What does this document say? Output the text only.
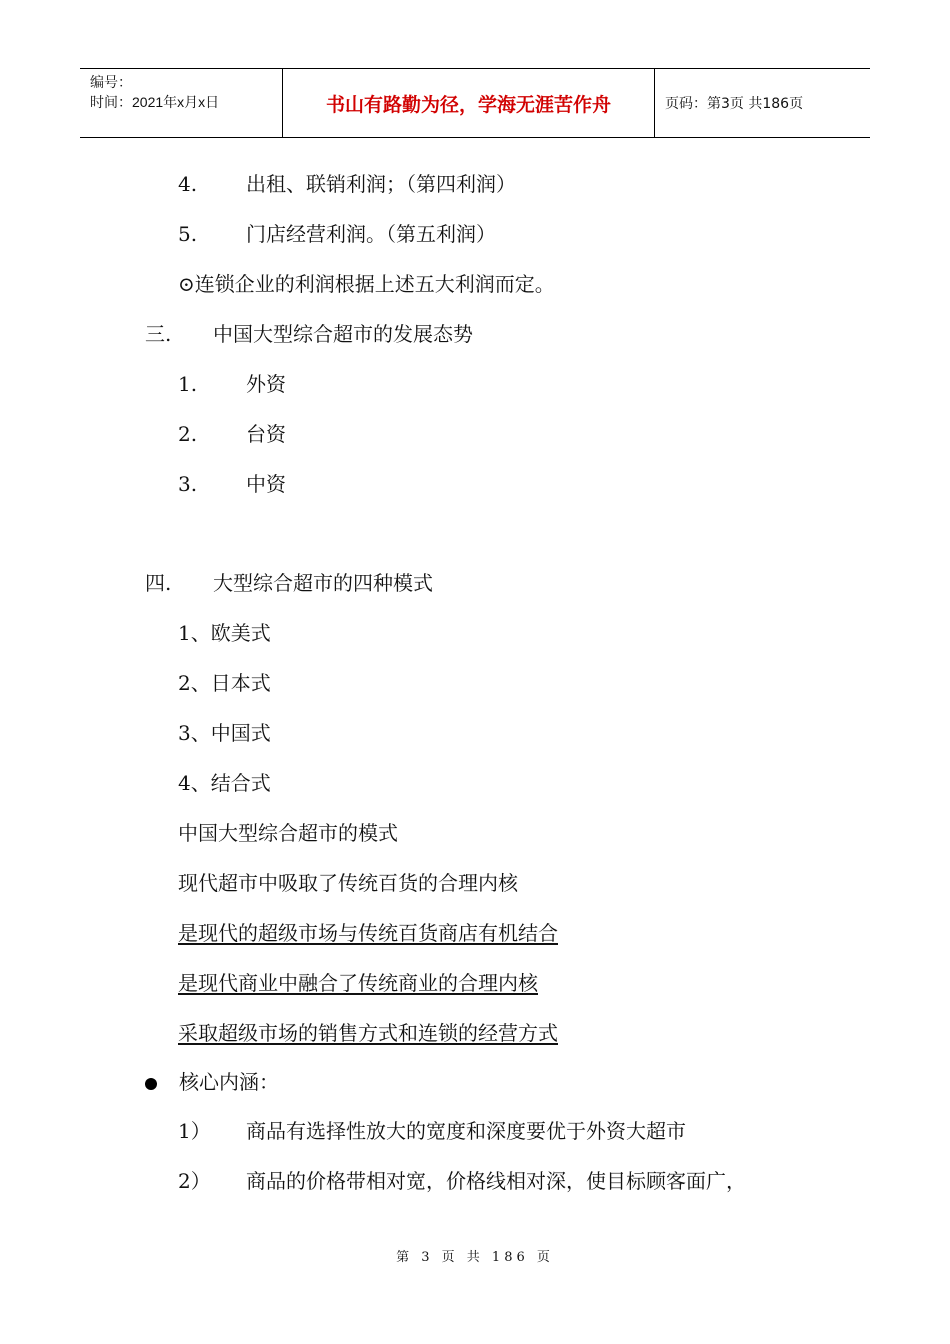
编号：
时间：2021年x月x日	书山有路勤为径，学海无涯苦作舟	页码：第3页 共186页
4. 出租、联销利润；（第四利润）
5. 门店经营利润。（第五利润）
⊙连锁企业的利润根据上述五大利润而定。
三. 中国大型综合超市的发展态势
1. 外资
2. 台资
3. 中资
四. 大型综合超市的四种模式
1、欧美式
2、日本式
3、中国式
4、结合式
中国大型综合超市的模式
现代超市中吸取了传统百货的合理内核
是现代的超级市场与传统百货商店有机结合
是现代商业中融合了传统商业的合理内核
采取超级市场的销售方式和连锁的经营方式
核心内涵：
1） 商品有选择性放大的宽度和深度要优于外资大超市
2） 商品的价格带相对宽，价格线相对深，使目标顾客面广，
第 3 页 共 186 页
